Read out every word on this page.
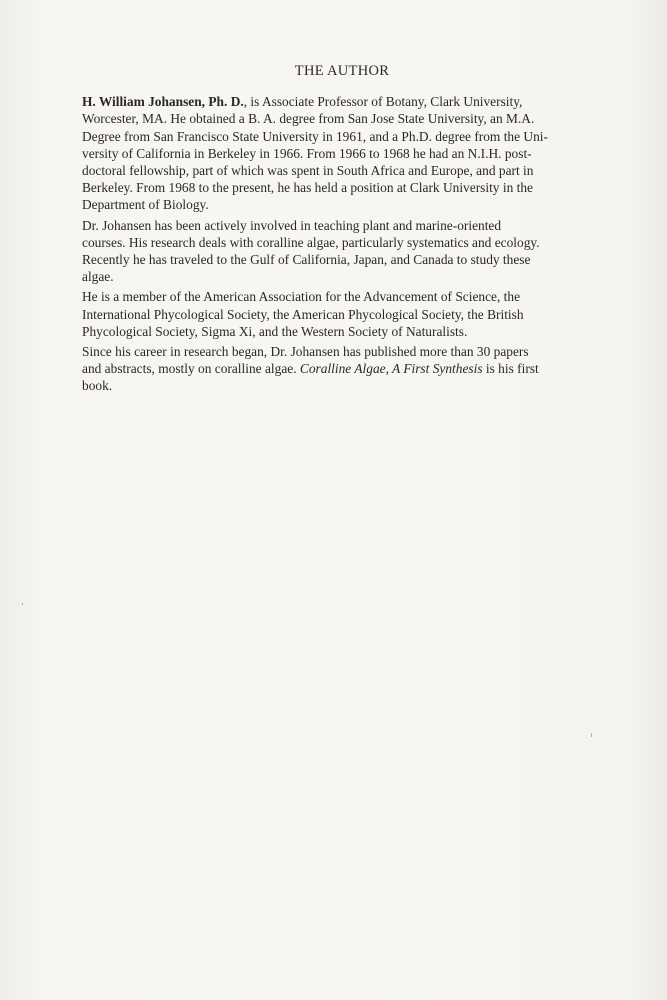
THE AUTHOR
H. William Johansen, Ph. D., is Associate Professor of Botany, Clark University,
Worcester, MA. He obtained a B. A. degree from San Jose State University, an M.A.
Degree from San Francisco State University in 1961, and a Ph.D. degree from the Uni-
versity of California in Berkeley in 1966. From 1966 to 1968 he had an N.I.H. post-
doctoral fellowship, part of which was spent in South Africa and Europe, and part in
Berkeley. From 1968 to the present, he has held a position at Clark University in the
Department of Biology.
Dr. Johansen has been actively involved in teaching plant and marine-oriented
courses. His research deals with coralline algae, particularly systematics and ecology.
Recently he has traveled to the Gulf of California, Japan, and Canada to study these
algae.
He is a member of the American Association for the Advancement of Science, the
International Phycological Society, the American Phycological Society, the British
Phycological Society, Sigma Xi, and the Western Society of Naturalists.
Since his career in research began, Dr. Johansen has published more than 30 papers
and abstracts, mostly on coralline algae. Coralline Algae, A First Synthesis is his first
book.
